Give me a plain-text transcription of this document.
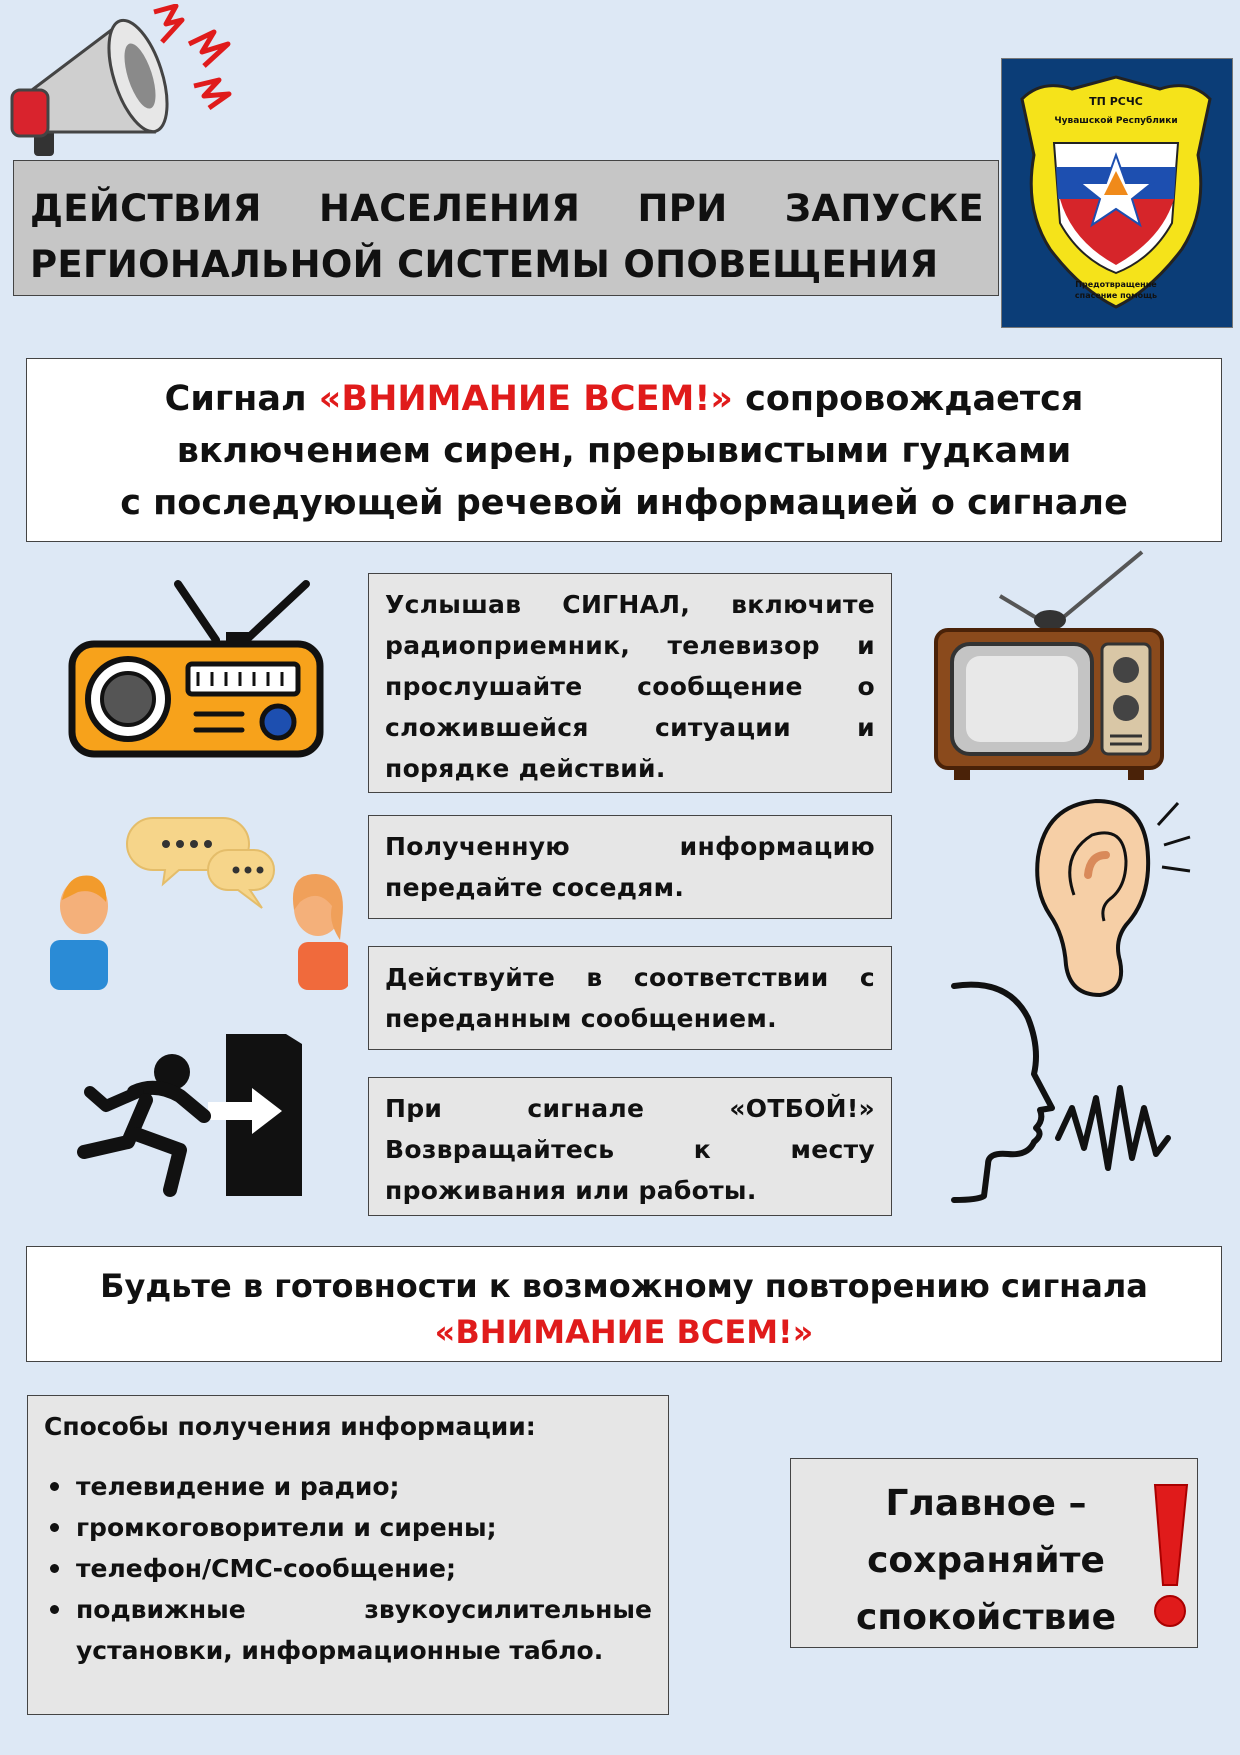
ДЕЙСТВИЯ НАСЕЛЕНИЯ ПРИ ЗАПУСКЕ РЕГИОНАЛЬНОЙ СИСТЕМЫ ОПОВЕЩЕНИЯ
ТП РСЧС
Чувашской Республики
Предотвращение
спасение помощь
Сигнал «ВНИМАНИЕ ВСЕМ!» сопровождается
включением сирен, прерывистыми гудками
с последующей речевой информацией о сигнале
Услышав СИГНАЛ, включите радиоприемник, телевизор и прослушайте сообщение о сложившейся ситуации и порядке действий.
Полученную информацию передайте соседям.
Действуйте в соответствии с переданным сообщением.
При сигнале «ОТБОЙ!» Возвращайтесь к месту проживания или работы.
Будьте в готовности к возможному повторению сигнала
«ВНИМАНИЕ ВСЕМ!»
Способы получения информации:
телевидение и радио;
громкоговорители и сирены;
телефон/СМС-сообщение;
подвижные звукоусилительные установки, информационные табло.
Главное –
сохраняйте
спокойствие
